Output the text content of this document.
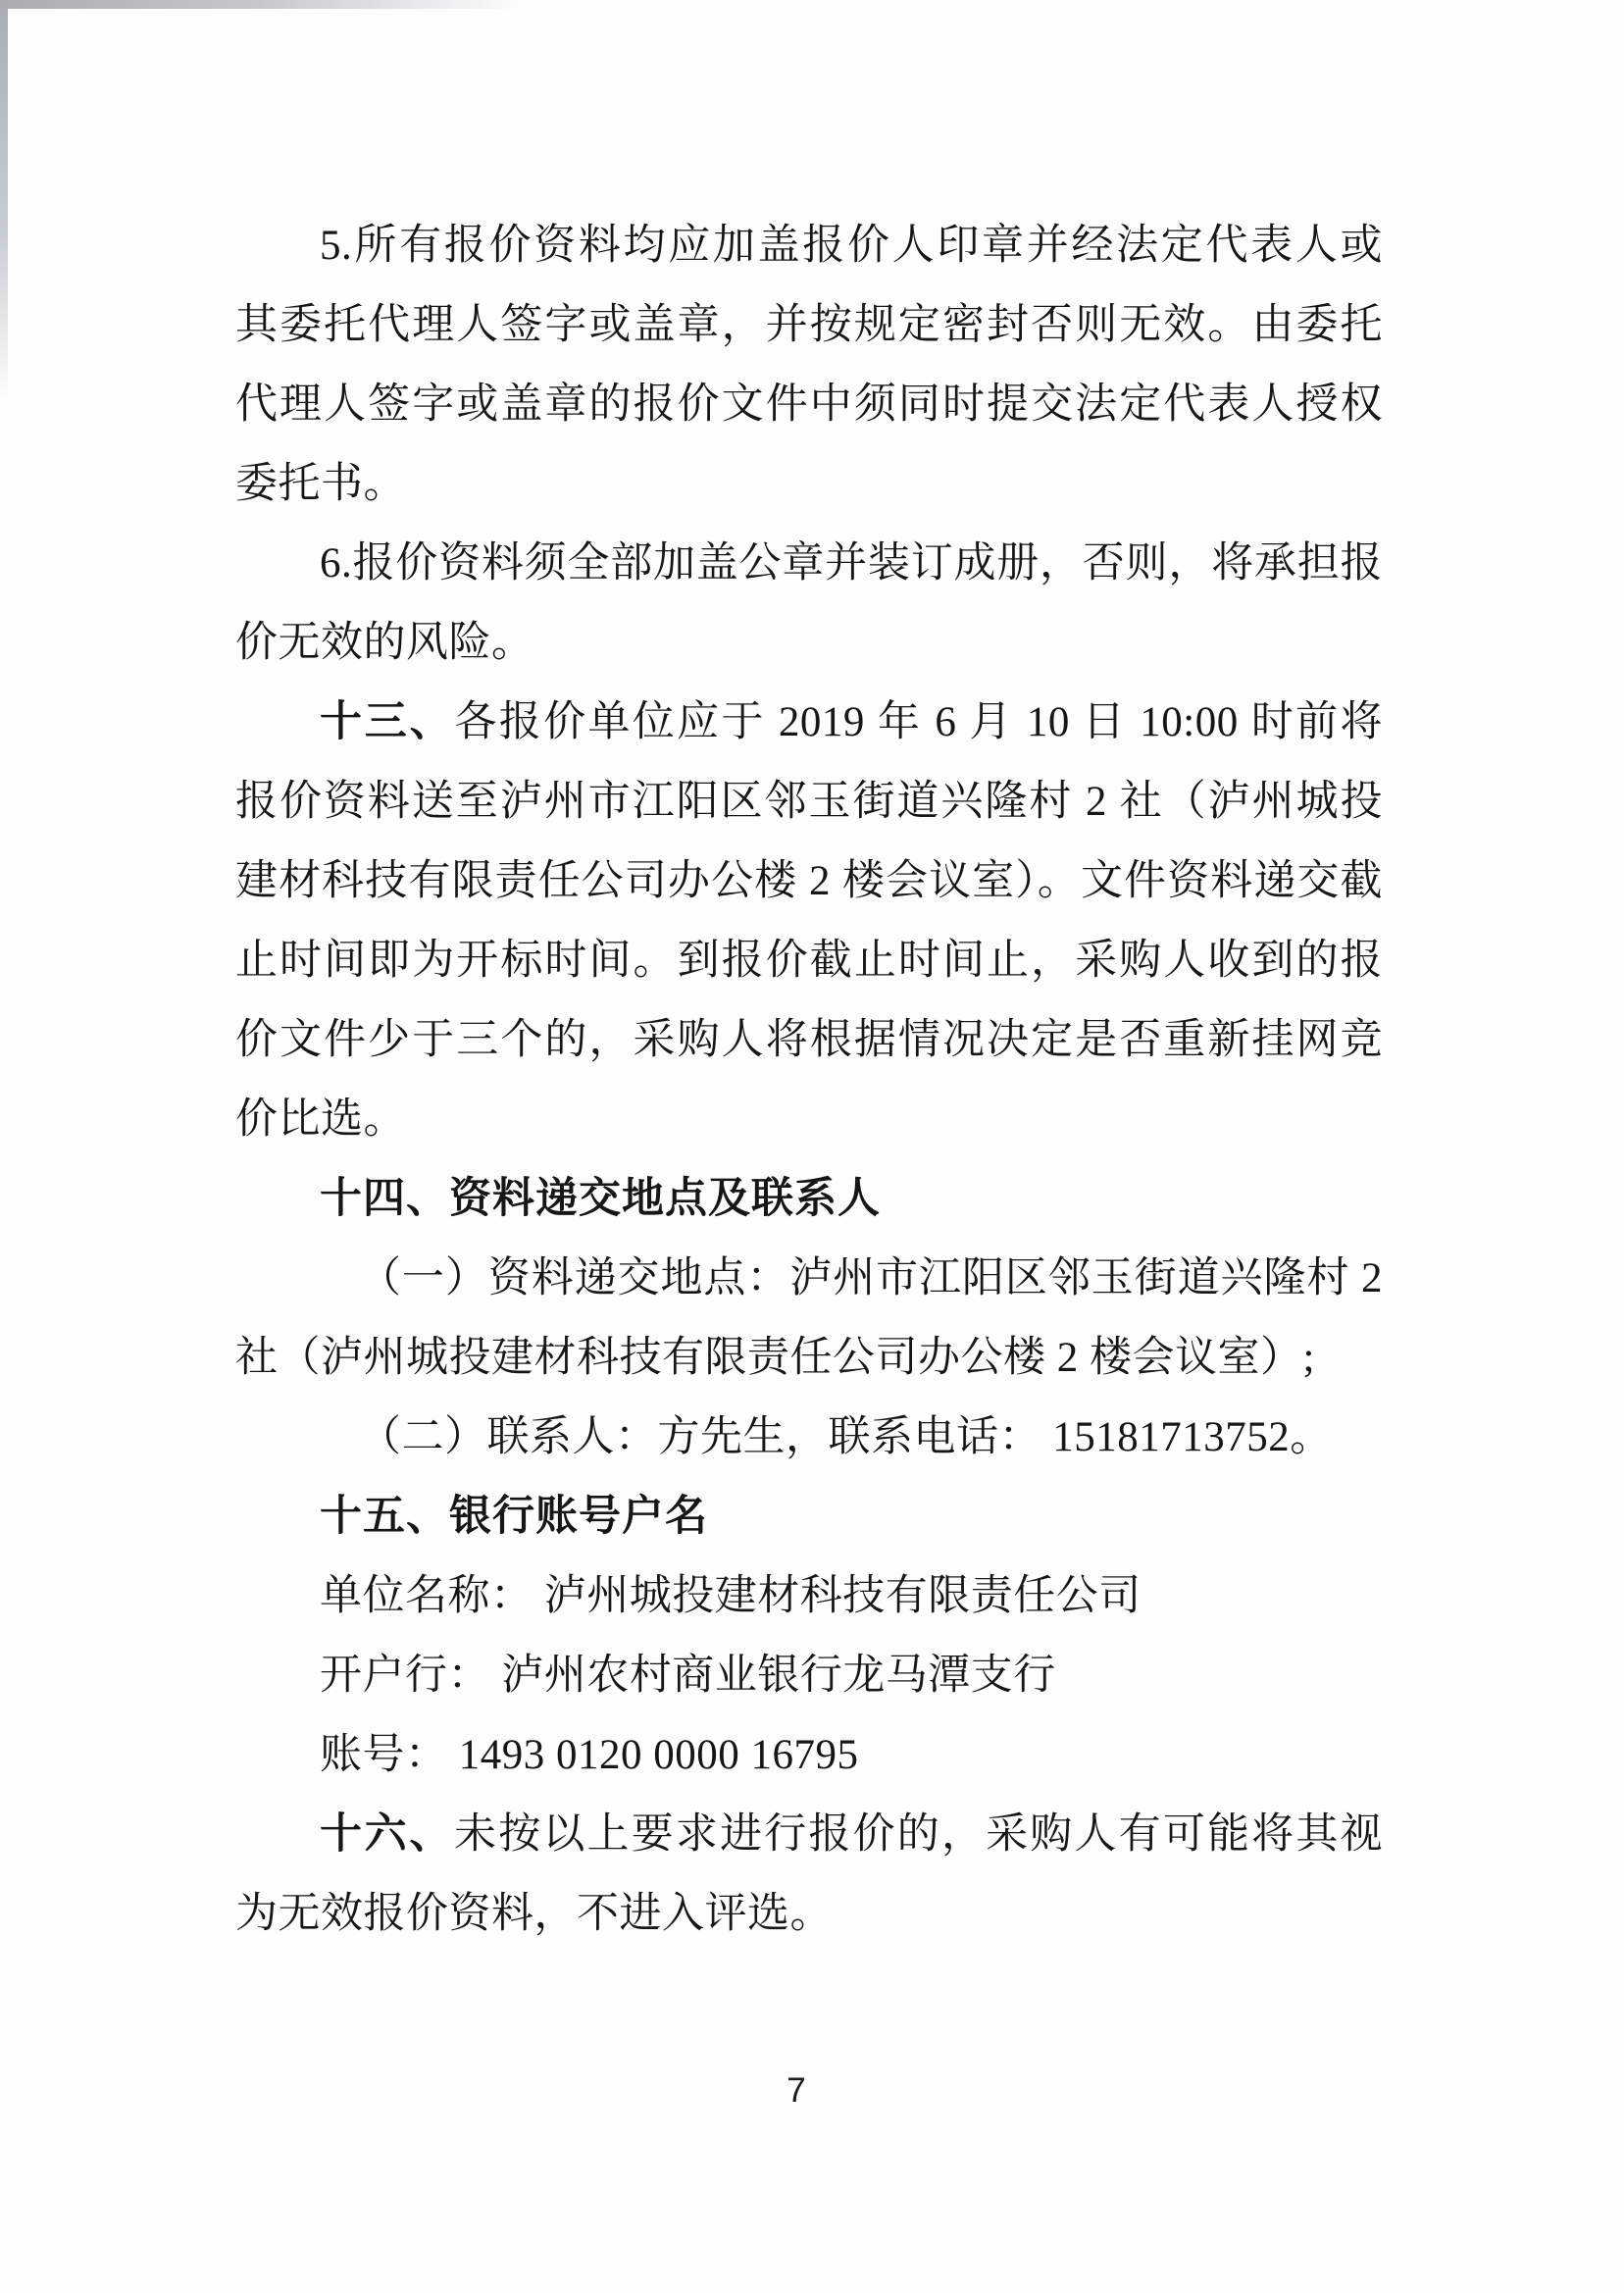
5.所有报价资料均应加盖报价人印章并经法定代表人或
其委托代理人签字或盖章，并按规定密封否则无效。由委托
代理人签字或盖章的报价文件中须同时提交法定代表人授权
委托书。
6.报价资料须全部加盖公章并装订成册，否则，将承担报
价无效的风险。
十三、各报价单位应于 2019 年 6 月 10 日 10:00 时前将
报价资料送至泸州市江阳区邻玉街道兴隆村 2 社（泸州城投
建材科技有限责任公司办公楼 2 楼会议室）。文件资料递交截
止时间即为开标时间。到报价截止时间止，采购人收到的报
价文件少于三个的，采购人将根据情况决定是否重新挂网竞
价比选。
十四、资料递交地点及联系人
（一）资料递交地点：泸州市江阳区邻玉街道兴隆村 2
社（泸州城投建材科技有限责任公司办公楼 2 楼会议室）;
（二）联系人：方先生，联系电话： 15181713752。
十五、银行账号户名
单位名称： 泸州城投建材科技有限责任公司
开户行： 泸州农村商业银行龙马潭支行
账号： 1493 0120 0000 16795
十六、未按以上要求进行报价的，采购人有可能将其视
为无效报价资料，不进入评选。
7
